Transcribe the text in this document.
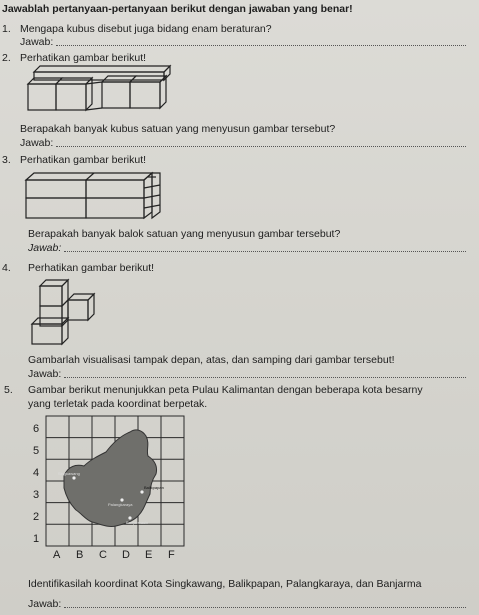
Jawablah pertanyaan-pertanyaan berikut dengan jawaban yang benar!
1. Mengapa kubus disebut juga bidang enam beraturan?
Jawab:
2. Perhatikan gambar berikut!
Berapakah banyak kubus satuan yang menyusun gambar tersebut?
Jawab:
3. Perhatikan gambar berikut!
Berapakah banyak balok satuan yang menyusun gambar tersebut?
Jawab:
4. Perhatikan gambar berikut!
Gambarlah visualisasi tampak depan, atas, dan samping dari gambar tersebut!
Jawab:
5. Gambar berikut menunjukkan peta Pulau Kalimantan dengan beberapa kota besarny
yang terletak pada koordinat berpetak.
Singkawang
Balikpapan
Palangkaraya
Banjarmasin
6
5
4
3
2
1
A B C D E F
Identifikasilah koordinat Kota Singkawang, Balikpapan, Palangkaraya, dan Banjarma
Jawab:
